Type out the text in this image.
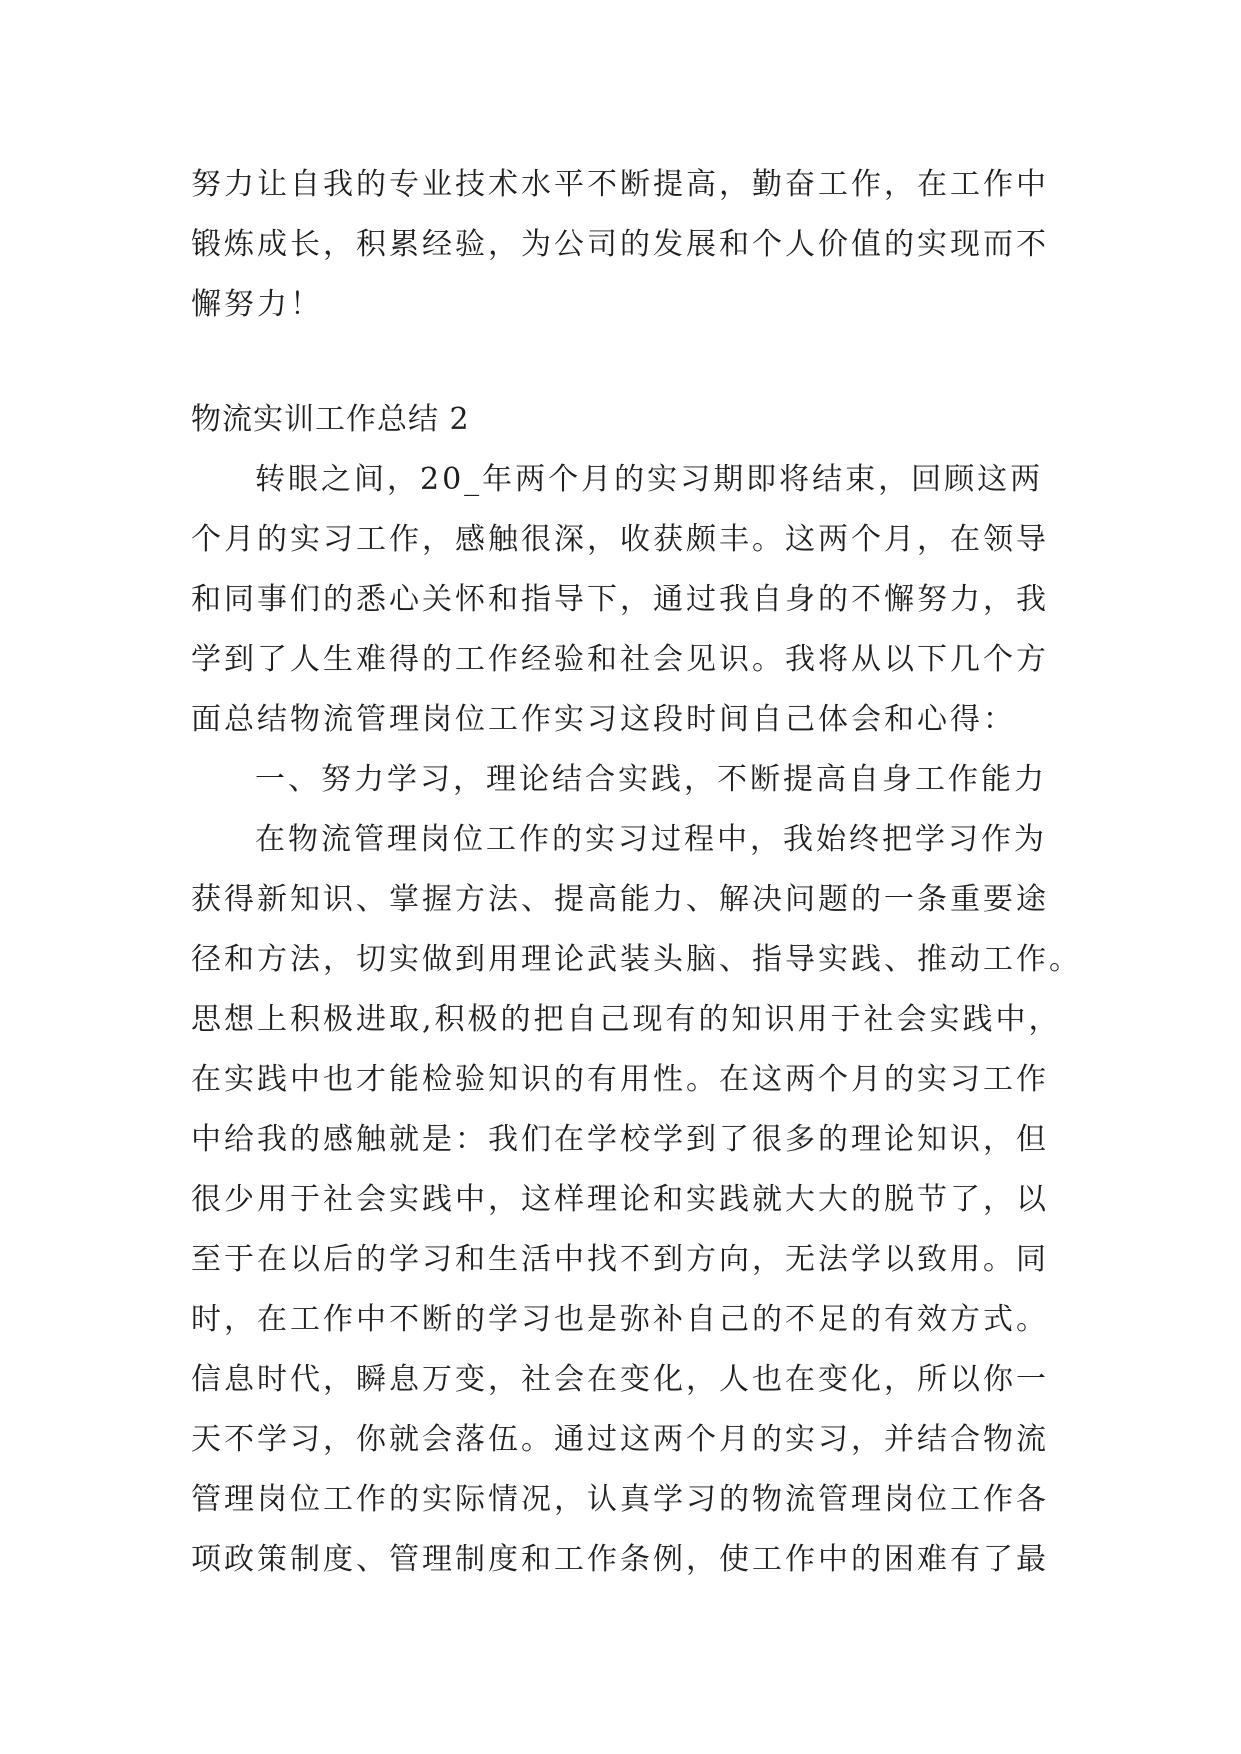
努力让自我的专业技术水平不断提高，勤奋工作，在工作中
锻炼成长，积累经验，为公司的发展和个人价值的实现而不
懈努力！
物流实训工作总结 2
转眼之间，20_年两个月的实习期即将结束，回顾这两
个月的实习工作，感触很深，收获颇丰。这两个月，在领导
和同事们的悉心关怀和指导下，通过我自身的不懈努力，我
学到了人生难得的工作经验和社会见识。我将从以下几个方
面总结物流管理岗位工作实习这段时间自己体会和心得：
一、努力学习，理论结合实践，不断提高自身工作能力
在物流管理岗位工作的实习过程中，我始终把学习作为
获得新知识、掌握方法、提高能力、解决问题的一条重要途
径和方法，切实做到用理论武装头脑、指导实践、推动工作。
思想上积极进取,积极的把自己现有的知识用于社会实践中，
在实践中也才能检验知识的有用性。在这两个月的实习工作
中给我的感触就是：我们在学校学到了很多的理论知识，但
很少用于社会实践中，这样理论和实践就大大的脱节了，以
至于在以后的学习和生活中找不到方向，无法学以致用。同
时，在工作中不断的学习也是弥补自己的不足的有效方式。
信息时代，瞬息万变，社会在变化，人也在变化，所以你一
天不学习，你就会落伍。通过这两个月的实习，并结合物流
管理岗位工作的实际情况，认真学习的物流管理岗位工作各
项政策制度、管理制度和工作条例，使工作中的困难有了最
